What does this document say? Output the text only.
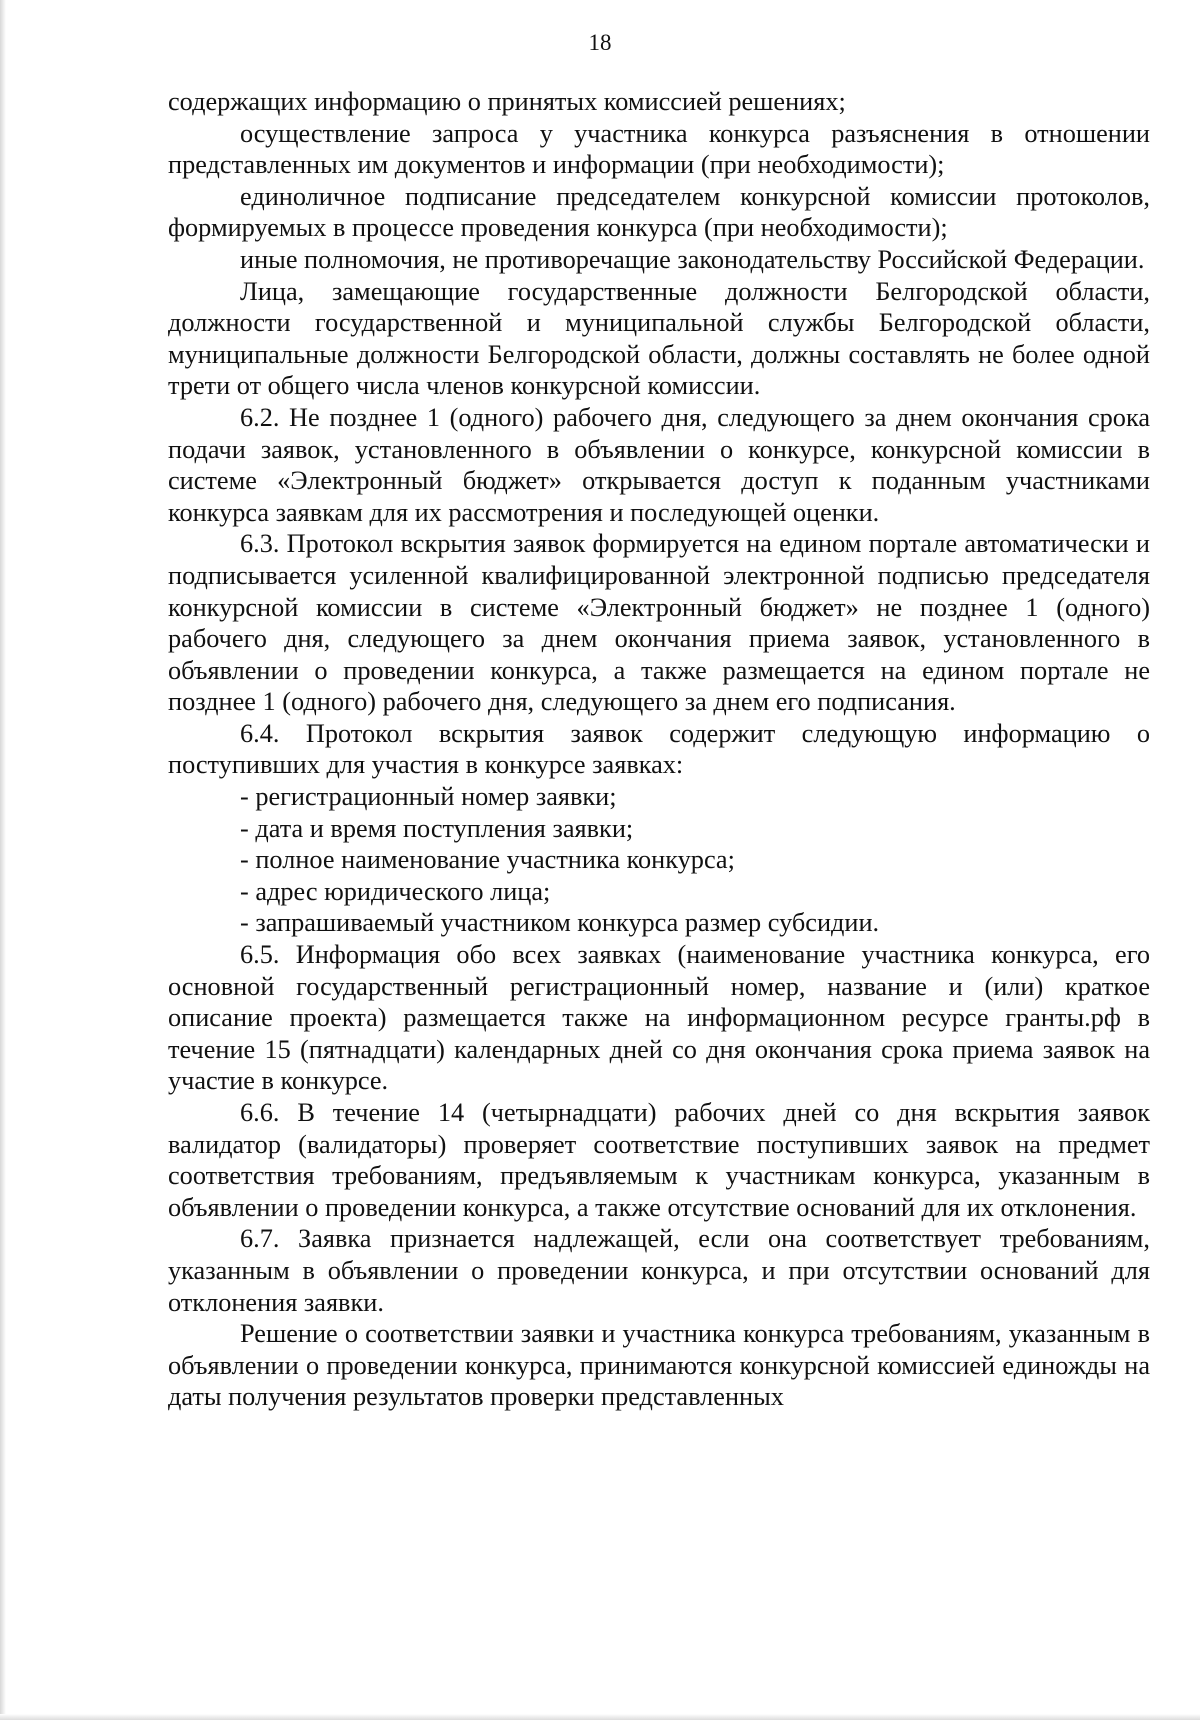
18

содержащих информацию о принятых комиссией решениях;

осуществление запроса у участника конкурса разъяснения в отношении представленных им документов и информации (при необходимости);

единоличное подписание председателем конкурсной комиссии протоколов, формируемых в процессе проведения конкурса (при необходимости);

иные полномочия, не противоречащие законодательству Российской Федерации.

Лица, замещающие государственные должности Белгородской области, должности государственной и муниципальной службы Белгородской области, муниципальные должности Белгородской области, должны составлять не более одной трети от общего числа членов конкурсной комиссии.

6.2. Не позднее 1 (одного) рабочего дня, следующего за днем окончания срока подачи заявок, установленного в объявлении о конкурсе, конкурсной комиссии в системе «Электронный бюджет» открывается доступ к поданным участниками конкурса заявкам для их рассмотрения и последующей оценки.

6.3. Протокол вскрытия заявок формируется на едином портале автоматически и подписывается усиленной квалифицированной электронной подписью председателя конкурсной комиссии в системе «Электронный бюджет» не позднее 1 (одного) рабочего дня, следующего за днем окончания приема заявок, установленного в объявлении о проведении конкурса, а также размещается на едином портале не позднее 1 (одного) рабочего дня, следующего за днем его подписания.

6.4. Протокол вскрытия заявок содержит следующую информацию о поступивших для участия в конкурсе заявках:

- регистрационный номер заявки;

- дата и время поступления заявки;

- полное наименование участника конкурса;

- адрес юридического лица;

- запрашиваемый участником конкурса размер субсидии.

6.5. Информация обо всех заявках (наименование участника конкурса, его основной государственный регистрационный номер, название и (или) краткое описание проекта) размещается также на информационном ресурсе гранты.рф в течение 15 (пятнадцати) календарных дней со дня окончания срока приема заявок на участие в конкурсе.

6.6. В течение 14 (четырнадцати) рабочих дней со дня вскрытия заявок валидатор (валидаторы) проверяет соответствие поступивших заявок на предмет соответствия требованиям, предъявляемым к участникам конкурса, указанным в объявлении о проведении конкурса, а также отсутствие оснований для их отклонения.

6.7. Заявка признается надлежащей, если она соответствует требованиям, указанным в объявлении о проведении конкурса, и при отсутствии оснований для отклонения заявки.

Решение о соответствии заявки и участника конкурса требованиям, указанным в объявлении о проведении конкурса, принимаются конкурсной комиссией единожды на даты получения результатов проверки представленных
